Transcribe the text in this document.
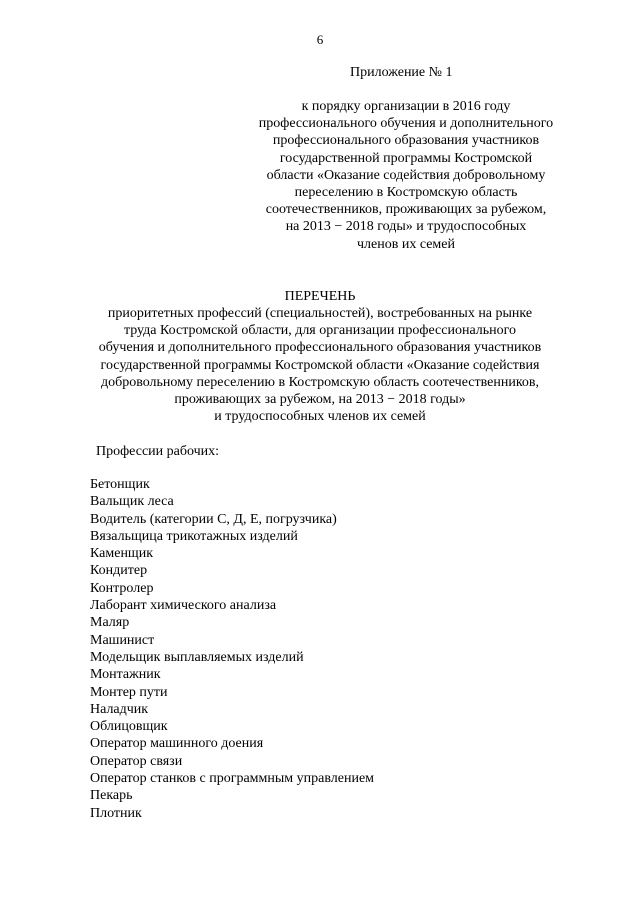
6
Приложение № 1
к порядку организации в 2016 году
профессионального обучения и дополнительного
профессионального образования участников
государственной программы Костромской
области «Оказание содействия добровольному
переселению в Костромскую область
соотечественников, проживающих за рубежом,
на 2013 − 2018 годы» и трудоспособных
членов их семей
ПЕРЕЧЕНЬ
приоритетных профессий (специальностей), востребованных на рынке
труда Костромской области, для организации профессионального
обучения и дополнительного профессионального образования участников
государственной программы Костромской области «Оказание содействия
добровольному переселению в Костромскую область соотечественников,
проживающих за рубежом, на 2013 − 2018 годы»
и трудоспособных членов их семей
Профессии рабочих:
Бетонщик
Вальщик леса
Водитель (категории С, Д, Е, погрузчика)
Вязальщица трикотажных изделий
Каменщик
Кондитер
Контролер
Лаборант химического анализа
Маляр
Машинист
Модельщик выплавляемых изделий
Монтажник
Монтер пути
Наладчик
Облицовщик
Оператор машинного доения
Оператор связи
Оператор станков с программным управлением
Пекарь
Плотник
